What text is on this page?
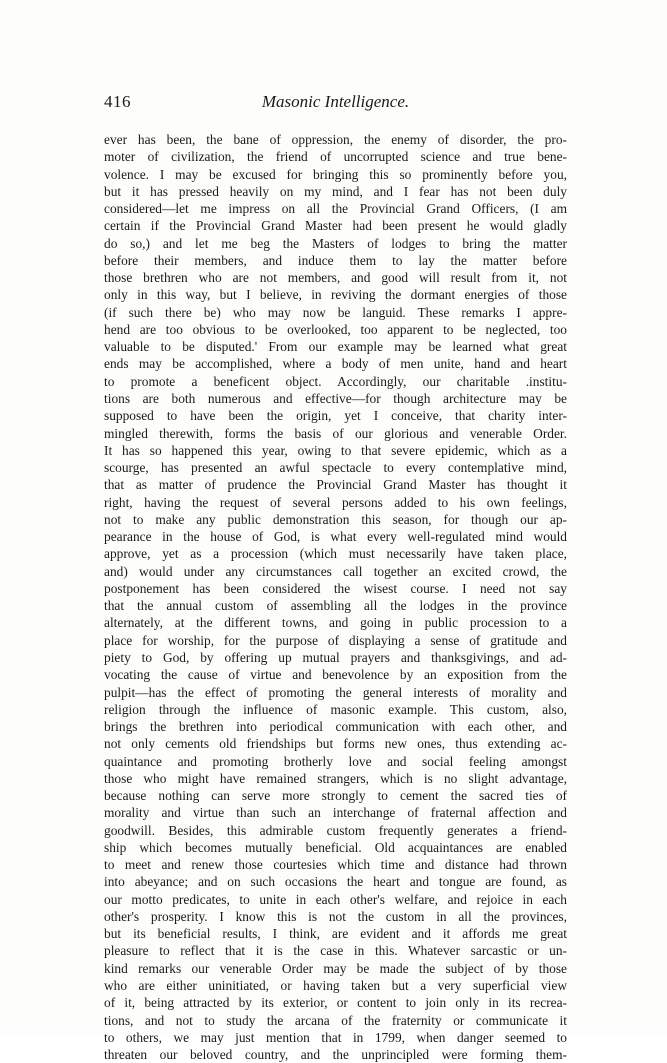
416	Masonic Intelligence.
ever has been, the bane of oppression, the enemy of disorder, the pro-
moter of civilization, the friend of uncorrupted science and true bene-
volence. I may be excused for bringing this so prominently before you,
but it has pressed heavily on my mind, and I fear has not been duly
considered—let me impress on all the Provincial Grand Officers, (I am
certain if the Provincial Grand Master had been present he would gladly
do so,) and let me beg the Masters of lodges to bring the matter
before their members, and induce them to lay the matter before
those brethren who are not members, and good will result from it, not
only in this way, but I believe, in reviving the dormant energies of those
(if such there be) who may now be languid. These remarks I appre-
hend are too obvious to be overlooked, too apparent to be neglected, too
valuable to be disputed.' From our example may be learned what great
ends may be accomplished, where a body of men unite, hand and heart
to promote a beneficent object. Accordingly, our charitable .institu-
tions are both numerous and effective—for though architecture may be
supposed to have been the origin, yet I conceive, that charity inter-
mingled therewith, forms the basis of our glorious and venerable Order.
It has so happened this year, owing to that severe epidemic, which as a
scourge, has presented an awful spectacle to every contemplative mind,
that as matter of prudence the Provincial Grand Master has thought it
right, having the request of several persons added to his own feelings,
not to make any public demonstration this season, for though our ap-
pearance in the house of God, is what every well-regulated mind would
approve, yet as a procession (which must necessarily have taken place,
and) would under any circumstances call together an excited crowd, the
postponement has been considered the wisest course. I need not say
that the annual custom of assembling all the lodges in the province
alternately, at the different towns, and going in public procession to a
place for worship, for the purpose of displaying a sense of gratitude and
piety to God, by offering up mutual prayers and thanksgivings, and ad-
vocating the cause of virtue and benevolence by an exposition from the
pulpit—has the effect of promoting the general interests of morality and
religion through the influence of masonic example. This custom, also,
brings the brethren into periodical communication with each other, and
not only cements old friendships but forms new ones, thus extending ac-
quaintance and promoting brotherly love and social feeling amongst
those who might have remained strangers, which is no slight advantage,
because nothing can serve more strongly to cement the sacred ties of
morality and virtue than such an interchange of fraternal affection and
goodwill. Besides, this admirable custom frequently generates a friend-
ship which becomes mutually beneficial. Old acquaintances are enabled
to meet and renew those courtesies which time and distance had thrown
into abeyance; and on such occasions the heart and tongue are found, as
our motto predicates, to unite in each other's welfare, and rejoice in each
other's prosperity. I know this is not the custom in all the provinces,
but its beneficial results, I think, are evident and it affords me great
pleasure to reflect that it is the case in this. Whatever sarcastic or un-
kind remarks our venerable Order may be made the subject of by those
who are either uninitiated, or having taken but a very superficial view
of it, being attracted by its exterior, or content to join only in its recrea-
tions, and not to study the arcana of the fraternity or communicate it
to others, we may just mention that in 1799, when danger seemed to
threaten our beloved country, and the unprincipled were forming them-
